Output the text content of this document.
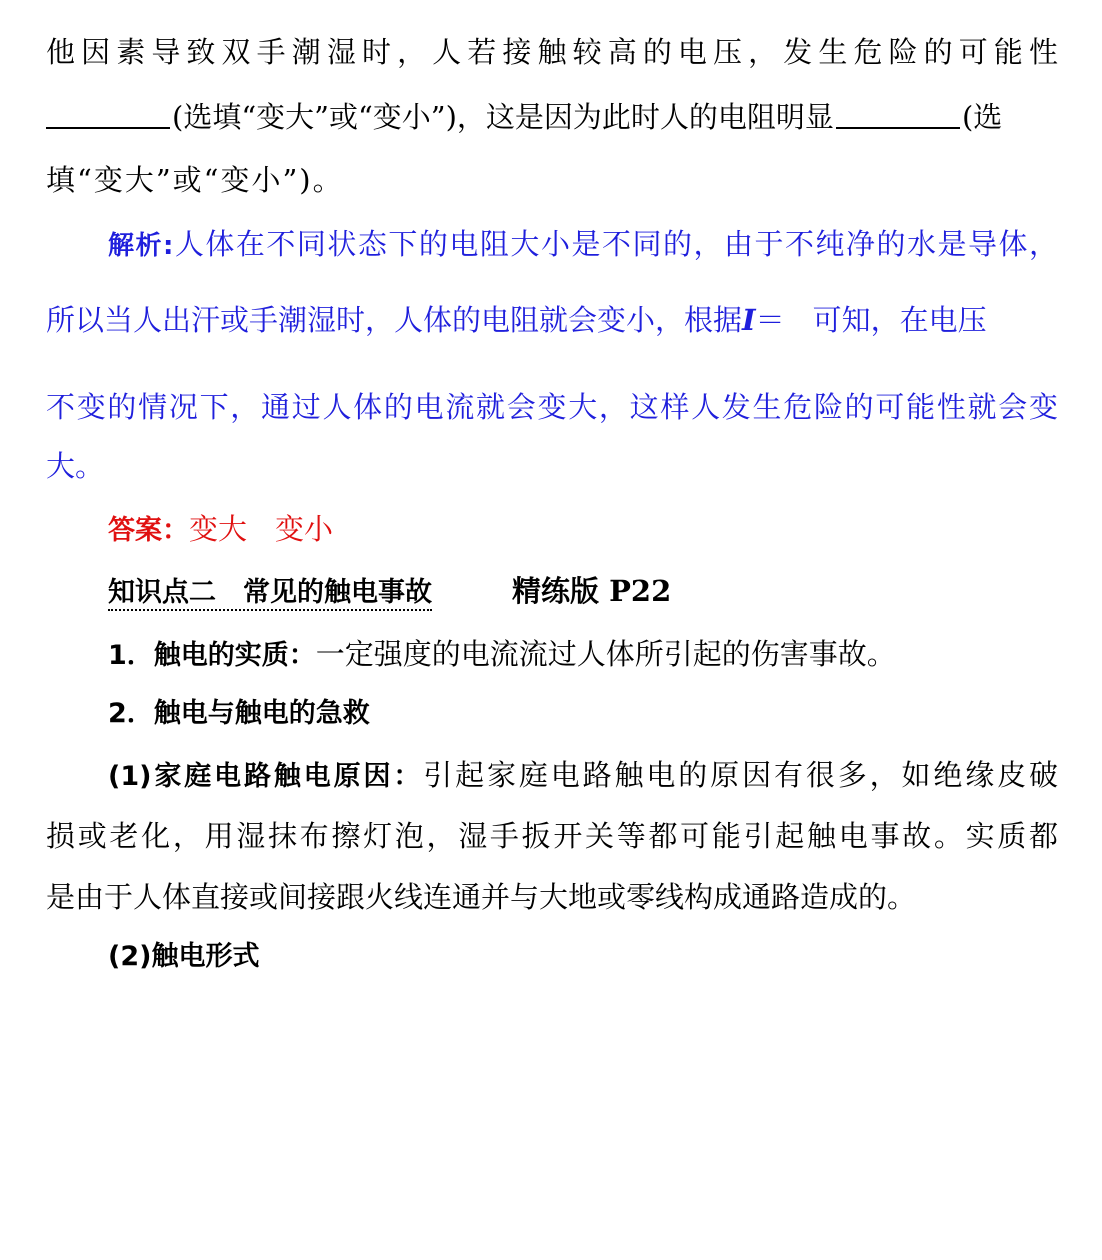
他因素导致双手潮湿时，人若接触较高的电压，发生危险的可能性
(选填“变大”或“变小”)，这是因为此时人的电阻明显	(选
填“变大”或“变小”)。
解析:人体在不同状态下的电阻大小是不同的，由于不纯净的水是导体，
所以当人出汗或手潮湿时，人体的电阻就会变小，根据I＝ 可知，在电压
不变的情况下，通过人体的电流就会变大，这样人发生危险的可能性就会变
大。
答案：变大 变小
知识点二　常见的触电事故	精练版 P22
1．触电的实质：一定强度的电流流过人体所引起的伤害事故。
2．触电与触电的急救
(1)家庭电路触电原因：引起家庭电路触电的原因有很多，如绝缘皮破
损或老化，用湿抹布擦灯泡，湿手扳开关等都可能引起触电事故。实质都
是由于人体直接或间接跟火线连通并与大地或零线构成通路造成的。
(2)触电形式
